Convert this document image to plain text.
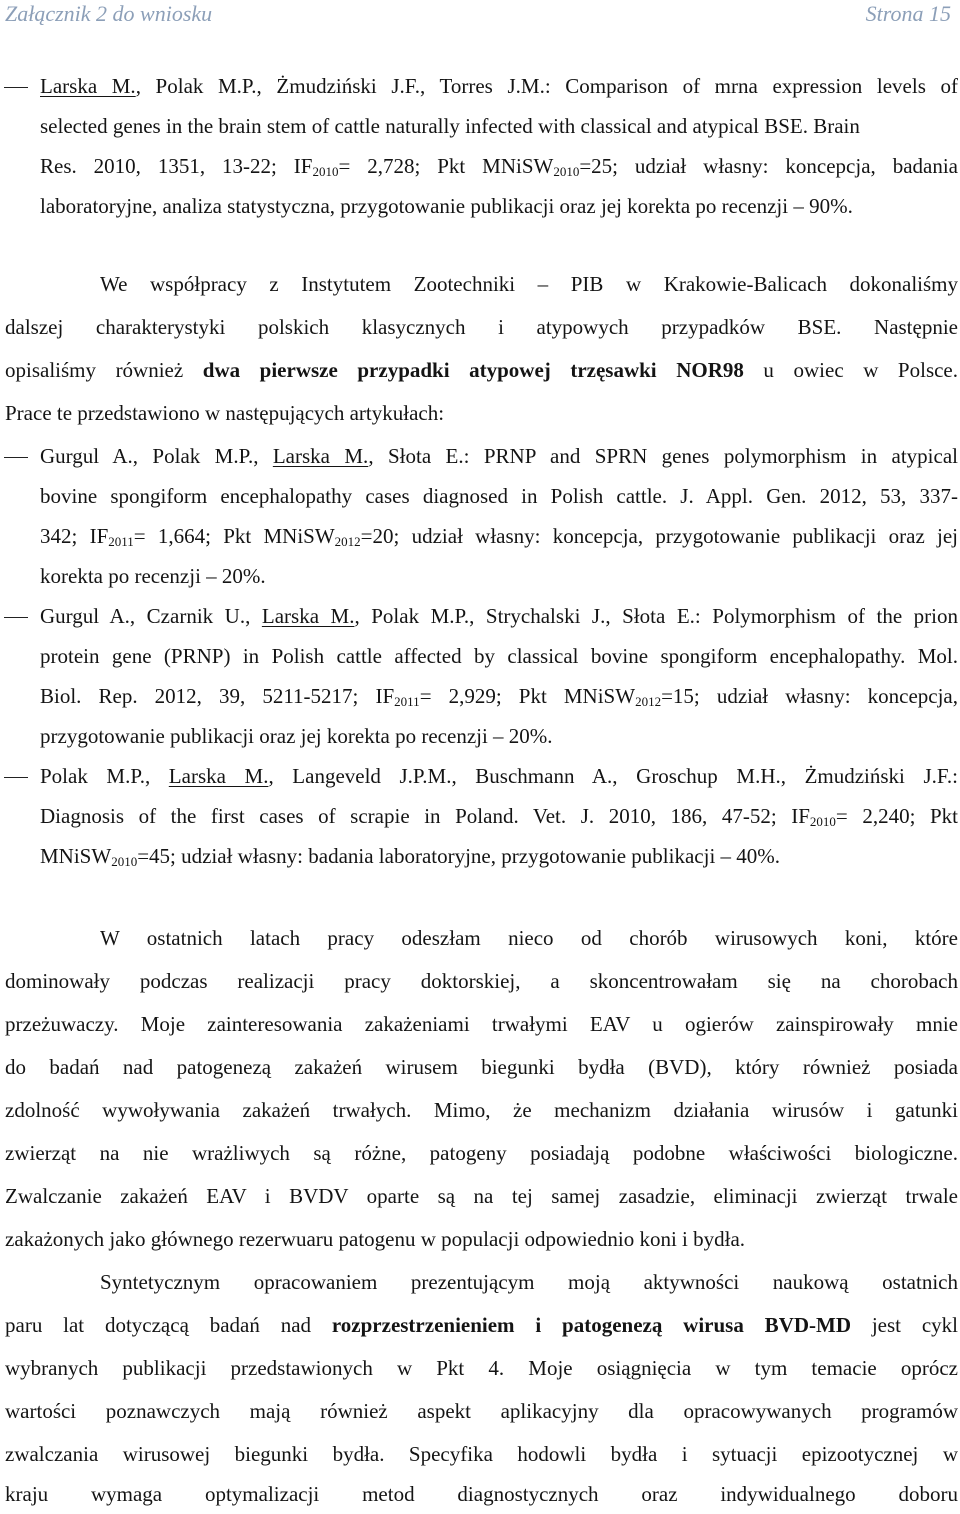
Załącznik 2 do wniosku	Strona 15
Larska M., Polak M.P., Żmudziński J.F., Torres J.M.: Comparison of mrna expression levels of
selected genes in the brain stem of cattle naturally infected with classical and atypical BSE. Brain
Res. 2010, 1351, 13-22; $IF_{2010}= 2,728$; Pkt MNiSW$_{2010}$=25; udział własny: koncepcja, badania
laboratoryjne, analiza statystyczna, przygotowanie publikacji oraz jej korekta po recenzji – 90%.
We współpracy z Instytutem Zootechniki – PIB w Krakowie-Balicach dokonaliśmy
dalszej charakterystyki polskich klasycznych i atypowych przypadków BSE. Następnie
opisaliśmy również dwa pierwsze przypadki atypowej trzęsawki NOR98 u owiec w Polsce.
Prace te przedstawiono w następujących artykułach:
Gurgul A., Polak M.P., Larska M., Słota E.: PRNP and SPRN genes polymorphism in atypical
bovine spongiform encephalopathy cases diagnosed in Polish cattle. J. Appl. Gen. 2012, 53, 337-
342; $IF_{2011}= 1,664$; Pkt MNiSW$_{2012}$=20; udział własny: koncepcja, przygotowanie publikacji oraz jej
korekta po recenzji – 20%.
Gurgul A., Czarnik U., Larska M., Polak M.P., Strychalski J., Słota E.: Polymorphism of the prion
protein gene (PRNP) in Polish cattle affected by classical bovine spongiform encephalopathy. Mol.
Biol. Rep. 2012, 39, 5211-5217; $IF_{2011}= 2,929$; Pkt MNiSW$_{2012}$=15; udział własny: koncepcja,
przygotowanie publikacji oraz jej korekta po recenzji – 20%.
Polak M.P., Larska M., Langeveld J.P.M., Buschmann A., Groschup M.H., Żmudziński J.F.:
Diagnosis of the first cases of scrapie in Poland. Vet. J. 2010, 186, 47-52; $IF_{2010}= 2,240$; Pkt
MNiSW$_{2010}$=45; udział własny: badania laboratoryjne, przygotowanie publikacji – 40%.
W ostatnich latach pracy odeszłam nieco od chorób wirusowych koni, które
dominowały podczas realizacji pracy doktorskiej, a skoncentrowałam się na chorobach
przeżuwaczy. Moje zainteresowania zakażeniami trwałymi EAV u ogierów zainspirowały mnie
do badań nad patogenezą zakażeń wirusem biegunki bydła (BVD), który również posiada
zdolność wywoływania zakażeń trwałych. Mimo, że mechanizm działania wirusów i gatunki
zwierząt na nie wrażliwych są różne, patogeny posiadają podobne właściwości biologiczne.
Zwalczanie zakażeń EAV i BVDV oparte są na tej samej zasadzie, eliminacji zwierząt trwale
zakażonych jako głównego rezerwuaru patogenu w populacji odpowiednio koni i bydła.
Syntetycznym opracowaniem prezentującym moją aktywności naukową ostatnich
paru lat dotyczącą badań nad rozprzestrzenieniem i patogenezą wirusa BVD-MD jest cykl
wybranych publikacji przedstawionych w Pkt 4. Moje osiągnięcia w tym temacie oprócz
wartości poznawczych mają również aspekt aplikacyjny dla opracowywanych programów
zwalczania wirusowej biegunki bydła. Specyfika hodowli bydła i sytuacji epizootycznej w
kraju wymaga optymalizacji metod diagnostycznych oraz indywidualnego doboru
